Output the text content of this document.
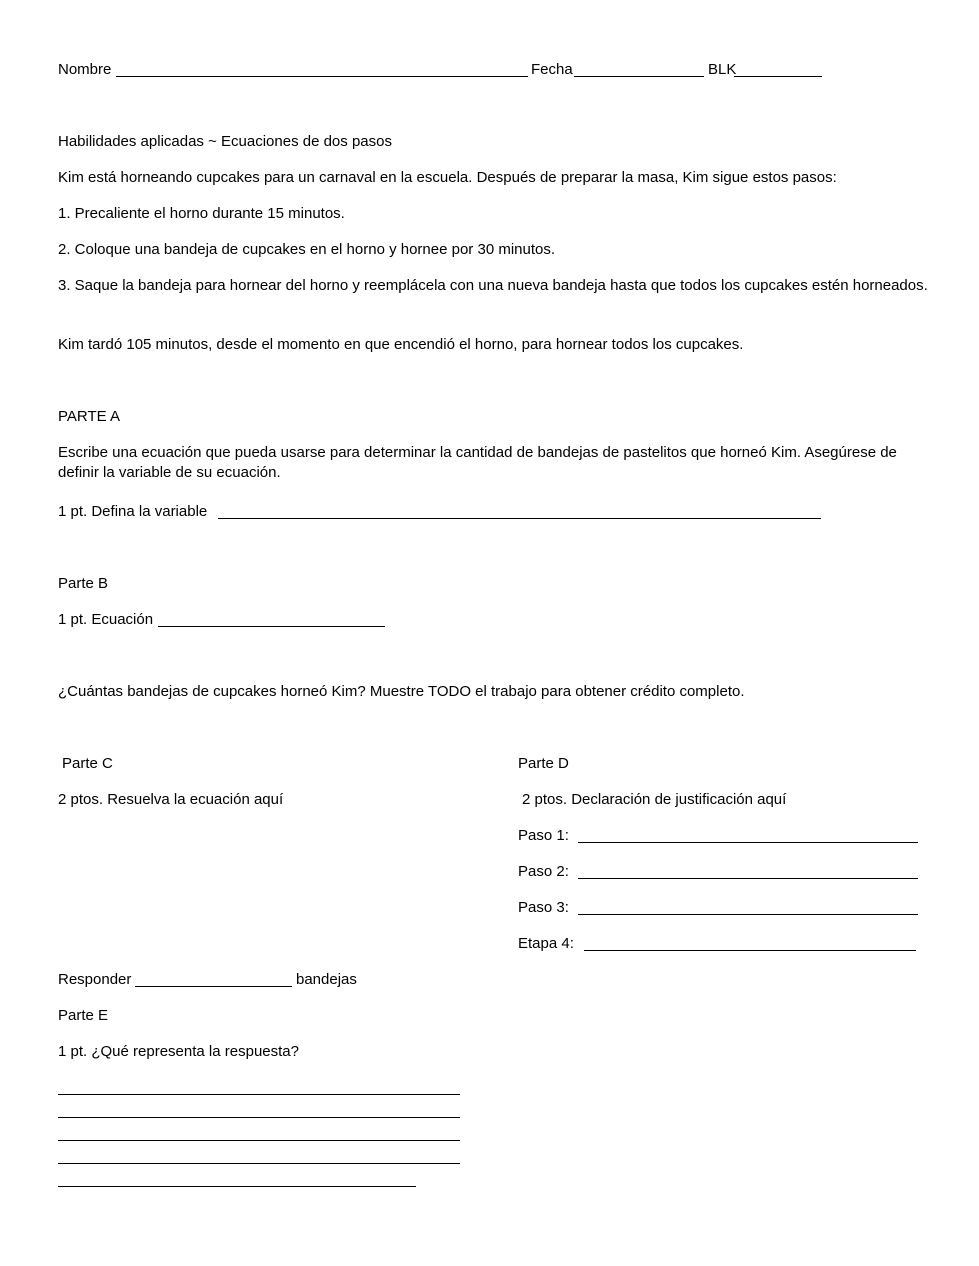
Nombre	Fecha	BLK
Habilidades aplicadas ~ Ecuaciones de dos pasos
Kim está horneando cupcakes para un carnaval en la escuela. Después de preparar la masa, Kim sigue estos pasos:
1. Precaliente el horno durante 15 minutos.
2. Coloque una bandeja de cupcakes en el horno y hornee por 30 minutos.
3. Saque la bandeja para hornear del horno y reemplácela con una nueva bandeja hasta que todos los cupcakes estén horneados.
Kim tardó 105 minutos, desde el momento en que encendió el horno, para hornear todos los cupcakes.
PARTE A
Escribe una ecuación que pueda usarse para determinar la cantidad de bandejas de pastelitos que horneó Kim. Asegúrese de definir la variable de su ecuación.
1 pt. Defina la variable
Parte B
1 pt. Ecuación
¿Cuántas bandejas de cupcakes horneó Kim? Muestre TODO el trabajo para obtener crédito completo.
Parte C
2 ptos. Resuelva la ecuación aquí
Responder	bandejas
Parte D
2 ptos. Declaración de justificación aquí
Paso 1:
Paso 2:
Paso 3:
Etapa 4:
Parte E
1 pt. ¿Qué representa la respuesta?
